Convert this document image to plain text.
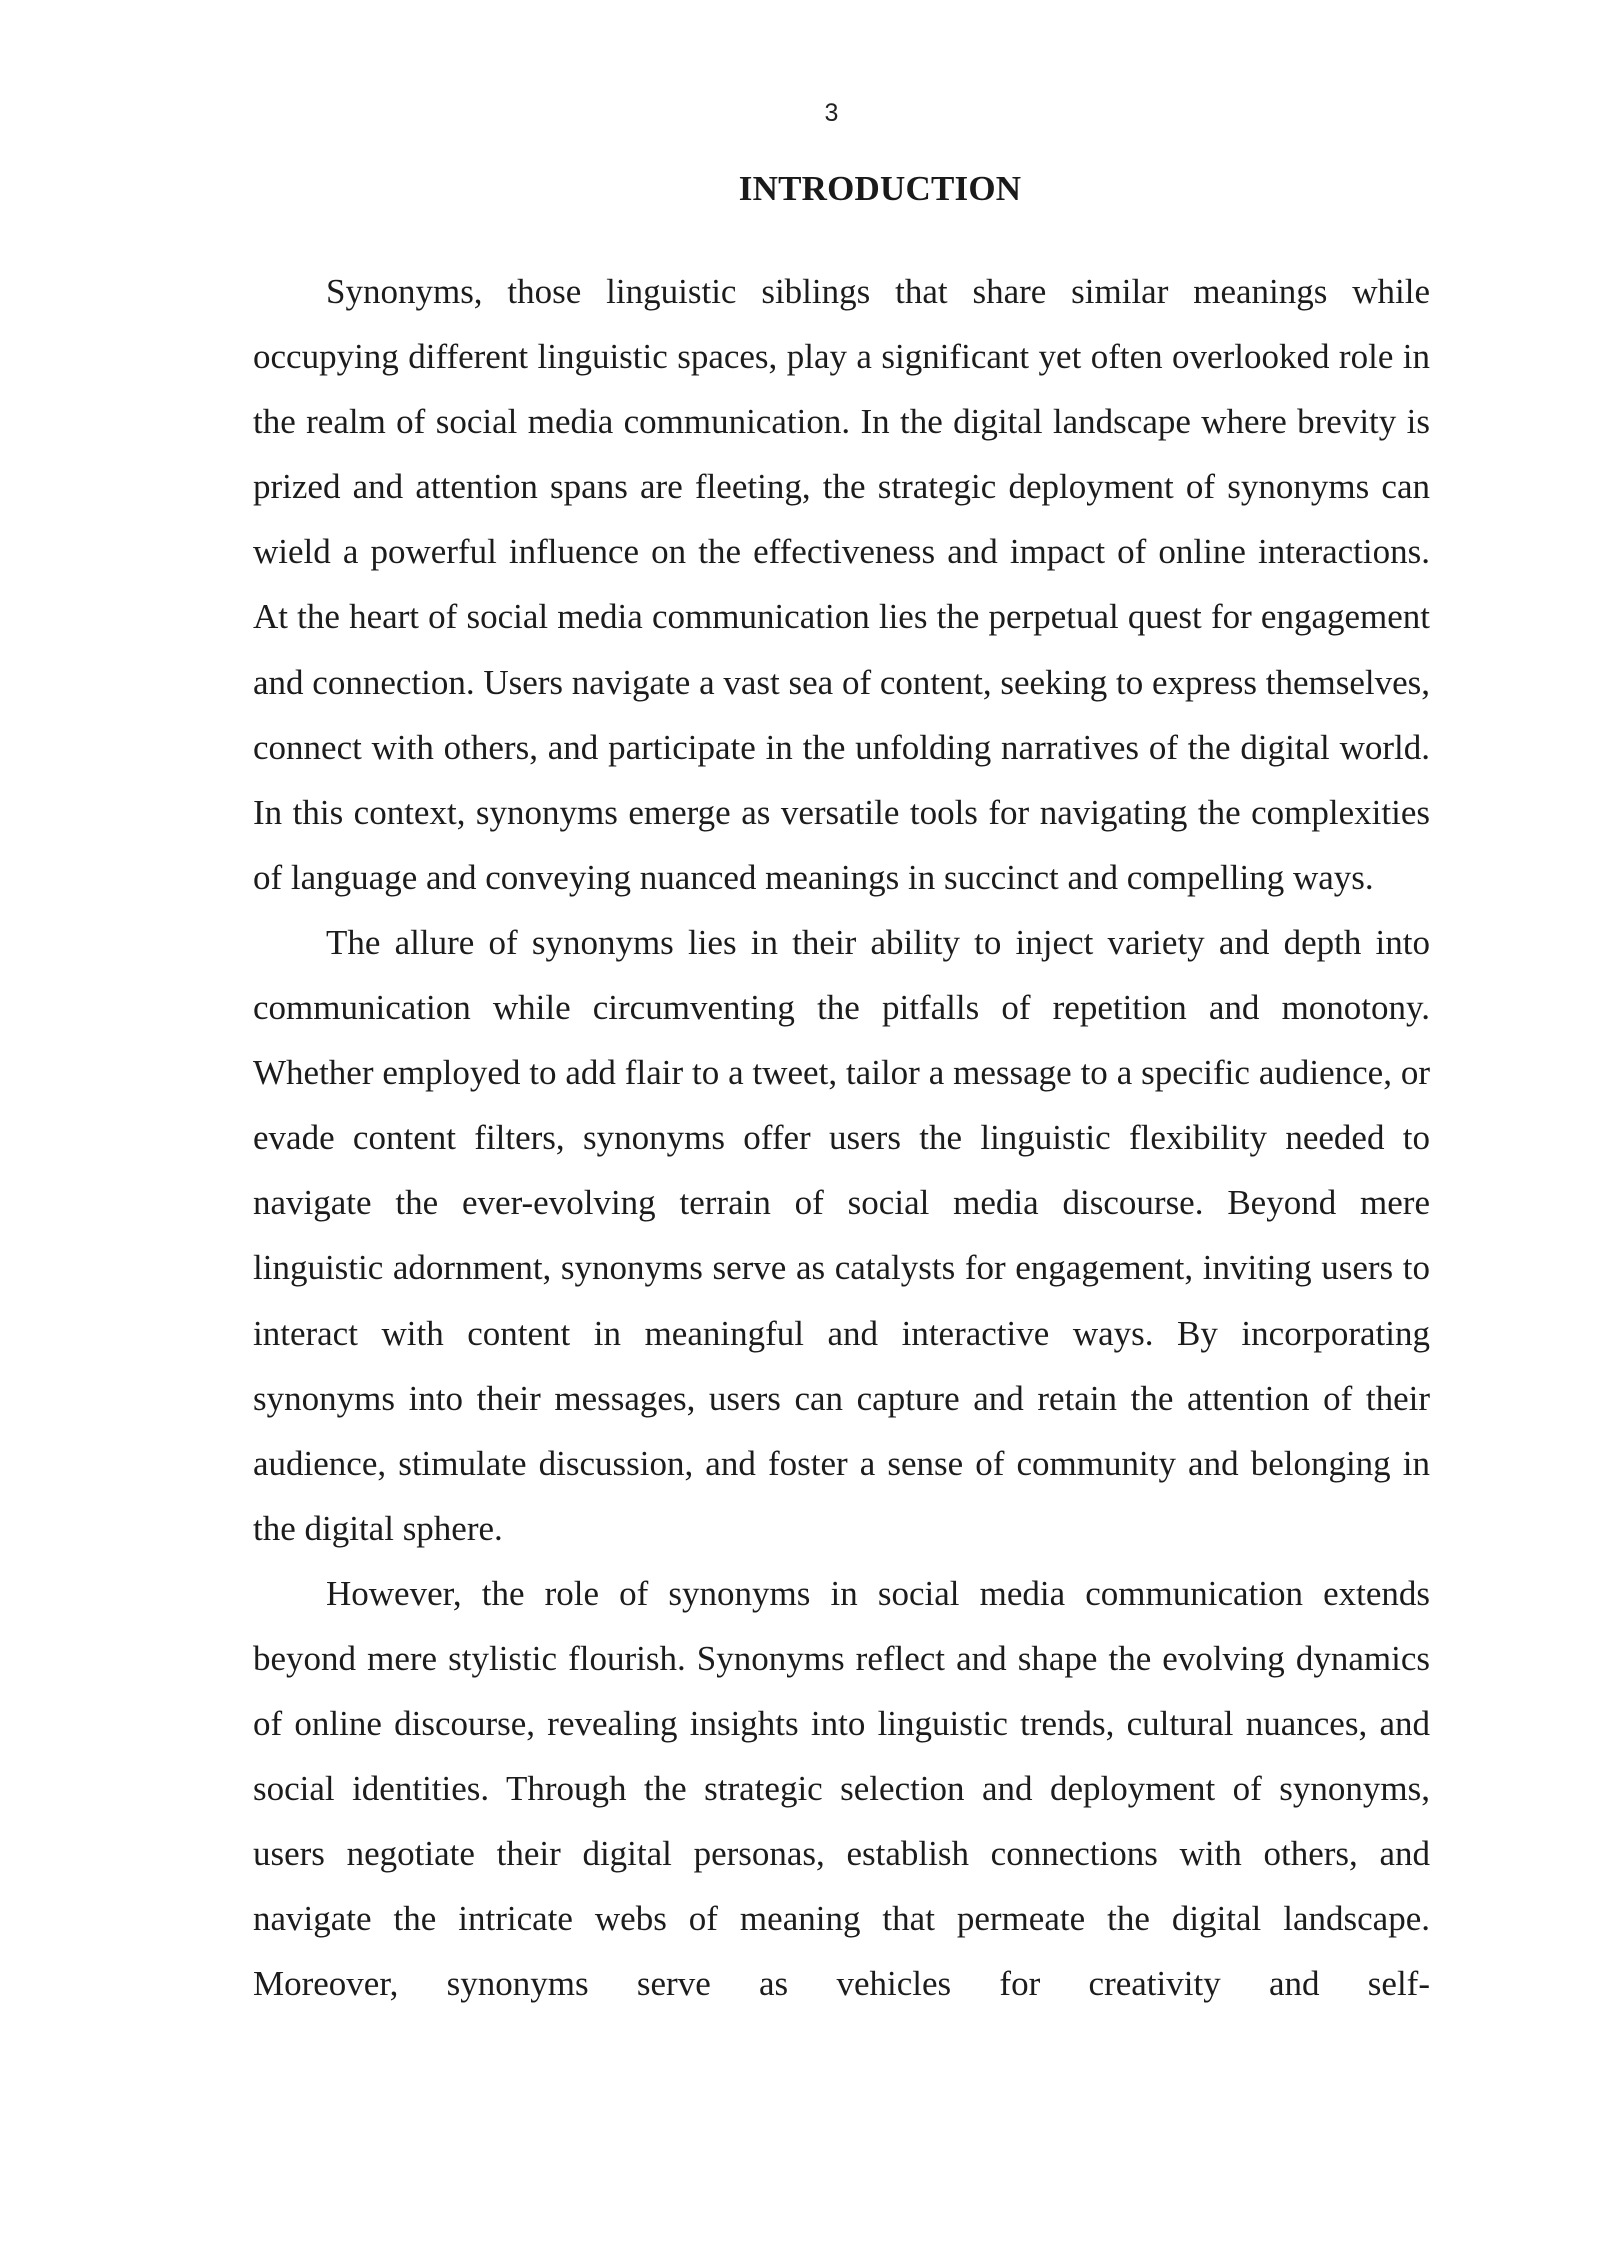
3
INTRODUCTION

Synonyms, those linguistic siblings that share similar meanings while occupying different linguistic spaces, play a significant yet often overlooked role in the realm of social media communication. In the digital landscape where brevity is prized and attention spans are fleeting, the strategic deployment of synonyms can wield a powerful influence on the effectiveness and impact of online interactions. At the heart of social media communication lies the perpetual quest for engagement and connection. Users navigate a vast sea of content, seeking to express themselves, connect with others, and participate in the unfolding narratives of the digital world. In this context, synonyms emerge as versatile tools for navigating the complexities of language and conveying nuanced meanings in succinct and compelling ways.

The allure of synonyms lies in their ability to inject variety and depth into communication while circumventing the pitfalls of repetition and monotony. Whether employed to add flair to a tweet, tailor a message to a specific audience, or evade content filters, synonyms offer users the linguistic flexibility needed to navigate the ever-evolving terrain of social media discourse. Beyond mere linguistic adornment, synonyms serve as catalysts for engagement, inviting users to interact with content in meaningful and interactive ways. By incorporating synonyms into their messages, users can capture and retain the attention of their audience, stimulate discussion, and foster a sense of community and belonging in the digital sphere.

However, the role of synonyms in social media communication extends beyond mere stylistic flourish. Synonyms reflect and shape the evolving dynamics of online discourse, revealing insights into linguistic trends, cultural nuances, and social identities. Through the strategic selection and deployment of synonyms, users negotiate their digital personas, establish connections with others, and navigate the intricate webs of meaning that permeate the digital landscape. Moreover, synonyms serve as vehicles for creativity and self-
